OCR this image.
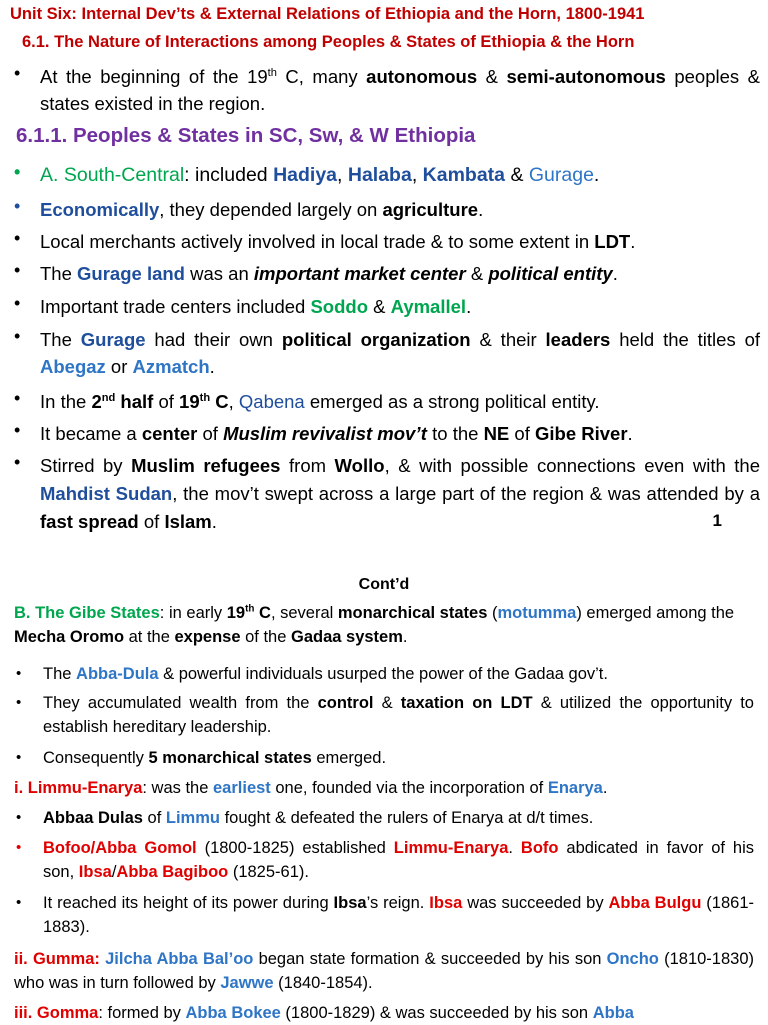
Unit Six: Internal Dev’ts & External Relations of Ethiopia and the Horn, 1800-1941
6.1. The Nature of Interactions among Peoples & States of Ethiopia & the Horn
• At the beginning of the 19th C, many autonomous & semi-autonomous peoples & states existed in the region.
6.1.1. Peoples & States in SC, Sw, & W Ethiopia
• A. South-Central: included Hadiya, Halaba, Kambata & Gurage.
• Economically, they depended largely on agriculture.
• Local merchants actively involved in local trade & to some extent in LDT.
• The Gurage land was an important market center & political entity.
• Important trade centers included Soddo & Aymallel.
• The Gurage had their own political organization & their leaders held the titles of Abegaz or Azmatch.
• In the 2nd half of 19th C, Qabena emerged as a strong political entity.
• It became a center of Muslim revivalist mov’t to the NE of Gibe River.
• Stirred by Muslim refugees from Wollo, & with possible connections even with the Mahdist Sudan, the mov’t swept across a large part of the region & was attended by a fast spread of Islam.	1
Cont’d
B. The Gibe States: in early 19th C, several monarchical states (motumma) emerged among the Mecha Oromo at the expense of the Gadaa system.
• The Abba-Dula & powerful individuals usurped the power of the Gadaa gov’t.
• They accumulated wealth from the control & taxation on LDT & utilized the opportunity to establish hereditary leadership.
• Consequently 5 monarchical states emerged.
i. Limmu-Enarya: was the earliest one, founded via the incorporation of Enarya.
• Abbaa Dulas of Limmu fought & defeated the rulers of Enarya at d/t times.
• Bofoo/Abba Gomol (1800-1825) established Limmu-Enarya. Bofo abdicated in favor of his son, Ibsa/Abba Bagiboo (1825-61).
• It reached its height of its power during Ibsa’s reign. Ibsa was succeeded by Abba Bulgu (1861-1883).
ii. Gumma: Jilcha Abba Bal’oo began state formation & succeeded by his son Oncho (1810-1830) who was in turn followed by Jawwe (1840-1854).
iii. Gomma: formed by Abba Bokee (1800-1829) & was succeeded by his son Abba
